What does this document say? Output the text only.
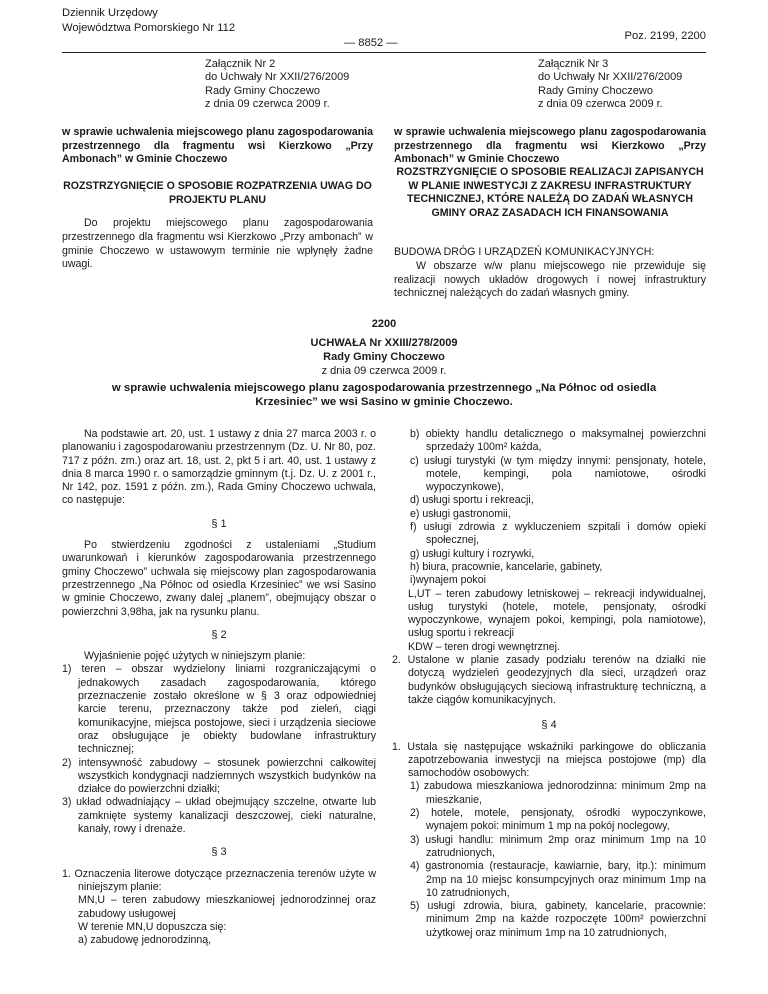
Dziennik Urzędowy
Województwa Pomorskiego Nr 112
— 8852 —
Poz. 2199, 2200
Załącznik Nr 2
do Uchwały Nr XXII/276/2009
Rady Gminy Choczewo
z dnia 09 czerwca 2009 r.
w sprawie uchwalenia miejscowego planu zagospodarowania przestrzennego dla fragmentu wsi Kierzkowo „Przy Ambonach” w Gminie Choczewo
ROZSTRZYGNIĘCIE O SPOSOBIE ROZPATRZENIA UWAG DO PROJEKTU PLANU
Do projektu miejscowego planu zagospodarowania przestrzennego dla fragmentu wsi Kierzkowo „Przy ambonach” w gminie Choczewo w ustawowym terminie nie wpłynęły żadne uwagi.
Załącznik Nr 3
do Uchwały Nr XXII/276/2009
Rady Gminy Choczewo
z dnia 09 czerwca 2009 r.
w sprawie uchwalenia miejscowego planu zagospodarowania przestrzennego dla fragmentu wsi Kierzkowo „Przy Ambonach” w Gminie Choczewo
ROZSTRZYGNIĘCIE O SPOSOBIE REALIZACJI ZAPISANYCH W PLANIE INWESTYCJI Z ZAKRESU INFRASTRUKTURY TECHNICZNEJ, KTÓRE NALEŻĄ DO ZADAŃ WŁASNYCH GMINY ORAZ ZASADACH ICH FINANSOWANIA
BUDOWA DRÓG I URZĄDZEŃ KOMUNIKACYJNYCH:
W obszarze w/w planu miejscowego nie przewiduje się realizacji nowych układów drogowych i nowej infrastruktury technicznej należących do zadań własnych gminy.
2200
UCHWAŁA Nr XXIII/278/2009
Rady Gminy Choczewo
z dnia 09 czerwca 2009 r.
w sprawie uchwalenia miejscowego planu zagospodarowania przestrzennego „Na Północ od osiedla Krzesiniec” we wsi Sasino w gminie Choczewo.

Na podstawie art. 20, ust. 1 ustawy z dnia 27 marca 2003 r. o planowaniu i zagospodarowaniu przestrzennym (Dz. U. Nr 80, poz. 717 z późn. zm.) oraz art. 18, ust. 2, pkt 5 i art. 40, ust. 1 ustawy z dnia 8 marca 1990 r. o samorządzie gminnym (t.j. Dz. U. z 2001 r., Nr 142, poz. 1591 z późn. zm.), Rada Gminy Choczewo uchwala, co następuje:

§ 1

Po stwierdzeniu zgodności z ustaleniami „Studium uwarunkowań i kierunków zagospodarowania przestrzennego gminy Choczewo” uchwala się miejscowy plan zagospodarowania przestrzennego „Na Północ od osiedla Krzesiniec” we wsi Sasino w gminie Choczewo, zwany dalej „planem”, obejmujący obszar o powierzchni 3,98ha, jak na rysunku planu.

§ 2

Wyjaśnienie pojęć użytych w niniejszym planie:

1) teren – obszar wydzielony liniami rozgraniczającymi o jednakowych zasadach zagospodarowania, którego przeznaczenie zostało określone w § 3 oraz odpowiedniej karcie terenu, przeznaczony także pod zieleń, ciągi komunikacyjne, miejsca postojowe, sieci i urządzenia sieciowe oraz obsługujące je obiekty budowlane infrastruktury technicznej;

2) intensywność zabudowy – stosunek powierzchni całkowitej wszystkich kondygnacji nadziemnych wszystkich budynków na działce do powierzchni działki;

3) układ odwadniający – układ obejmujący szczelne, otwarte lub zamknięte systemy kanalizacji deszczowej, cieki naturalne, kanały, rowy i drenaże.

§ 3

1. Oznaczenia literowe dotyczące przeznaczenia terenów użyte w niniejszym planie:

MN,U – teren zabudowy mieszkaniowej jednorodzinnej oraz zabudowy usługowej

W terenie MN,U dopuszcza się:

a) zabudowę jednorodzinną,

b) obiekty handlu detalicznego o maksymalnej powierzchni sprzedaży 100m² każda,

c) usługi turystyki (w tym między innymi: pensjonaty, hotele, motele, kempingi, pola namiotowe, ośrodki wypoczynkowe),

d) usługi sportu i rekreacji,

e) usługi gastronomii,

f) usługi zdrowia z wykluczeniem szpitali i domów opieki społecznej,

g) usługi kultury i rozrywki,

h) biura, pracownie, kancelarie, gabinety,

i)wynajem pokoi

L,UT – teren zabudowy letniskowej – rekreacji indywidualnej, usług turystyki (hotele, motele, pensjonaty, ośrodki wypoczynkowe, wynajem pokoi, kempingi, pola namiotowe), usług sportu i rekreacji

KDW – teren drogi wewnętrznej.

2. Ustalone w planie zasady podziału terenów na działki nie dotyczą wydzieleń geodezyjnych dla sieci, urządzeń oraz budynków obsługujących sieciową infrastrukturę techniczną, a także ciągów komunikacyjnych.

§ 4

1. Ustala się następujące wskaźniki parkingowe do obliczania zapotrzebowania inwestycji na miejsca postojowe (mp) dla samochodów osobowych:

1) zabudowa mieszkaniowa jednorodzinna: minimum 2mp na mieszkanie,

2) hotele, motele, pensjonaty, ośrodki wypoczynkowe, wynajem pokoi: minimum 1 mp na pokój noclegowy,

3) usługi handlu: minimum 2mp oraz minimum 1mp na 10 zatrudnionych,

4) gastronomia (restauracje, kawiarnie, bary, itp.): minimum 2mp na 10 miejsc konsumpcyjnych oraz minimum 1mp na 10 zatrudnionych,

5) usługi zdrowia, biura, gabinety, kancelarie, pracownie: minimum 2mp na każde rozpoczęte 100m² powierzchni użytkowej oraz minimum 1mp na 10 zatrudnionych,
